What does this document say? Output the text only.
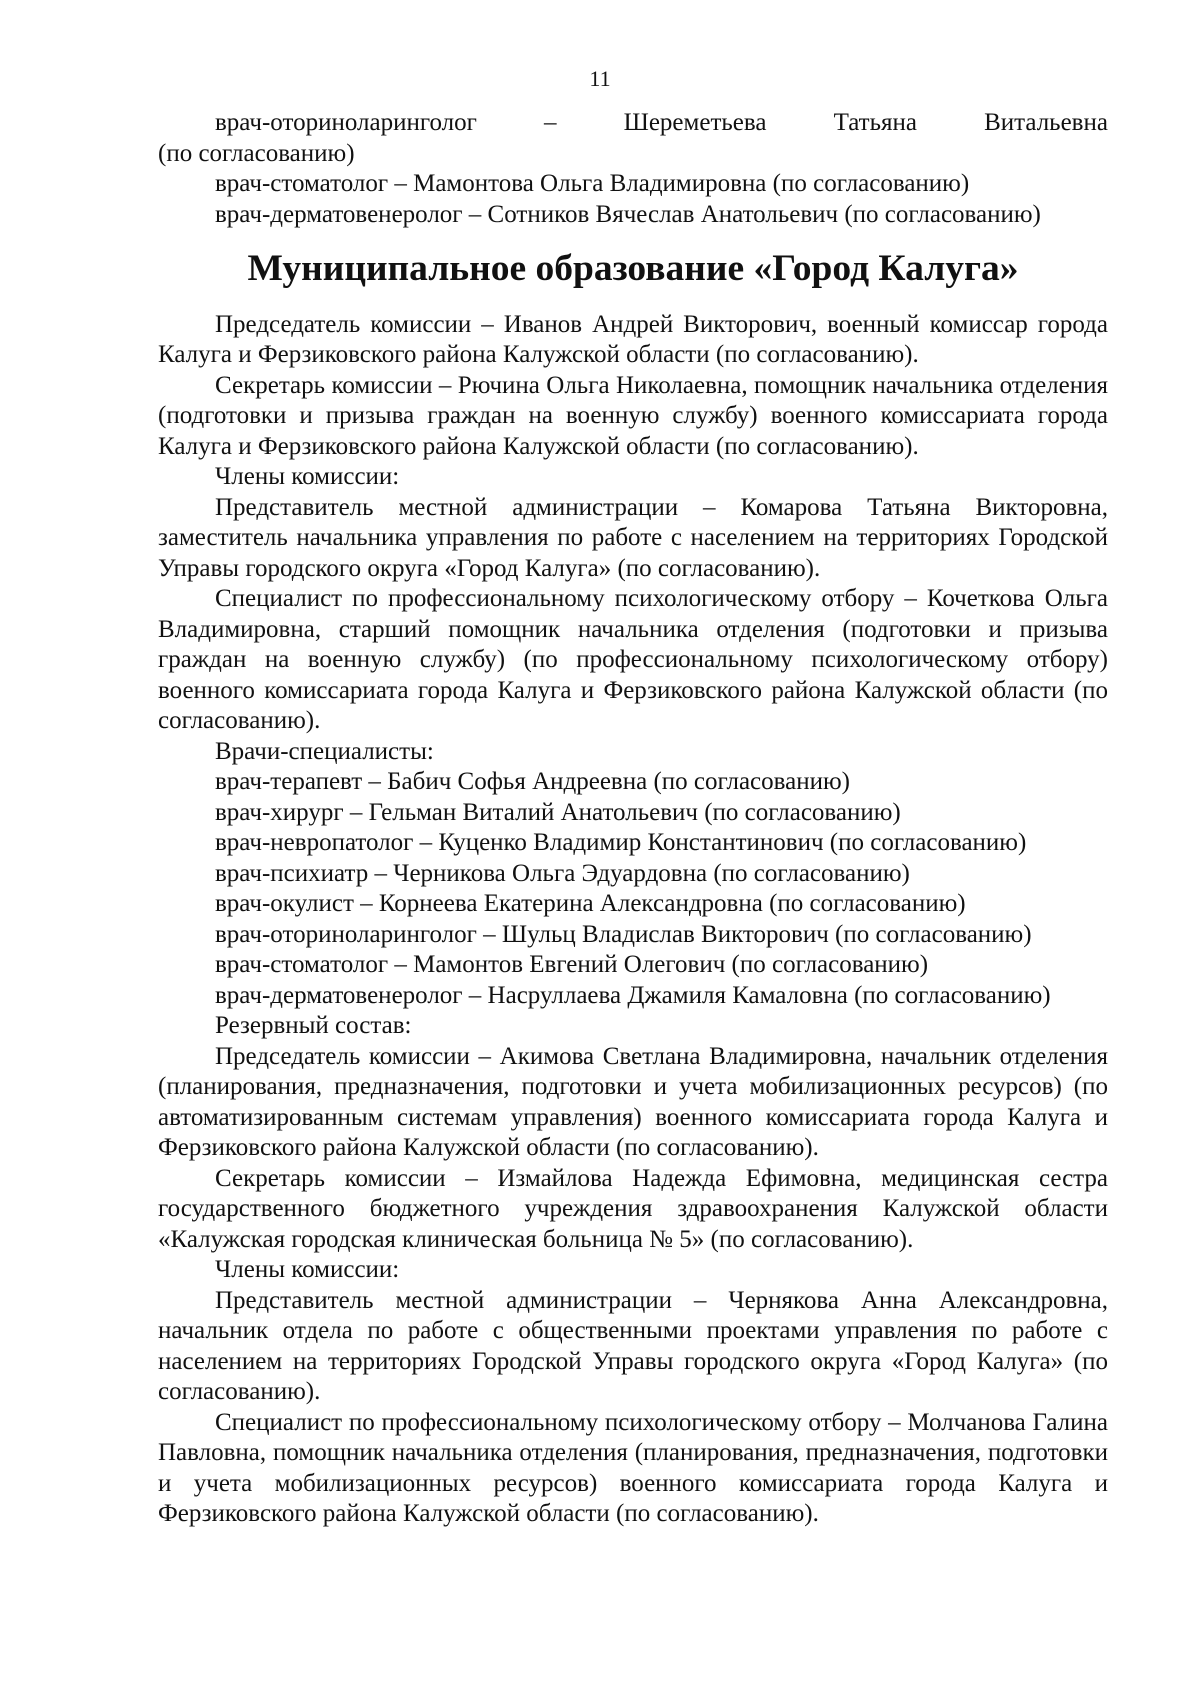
11
врач-оториноларинголог	–	Шереметьева	Татьяна	Витальевна

(по согласованию)

врач-стоматолог – Мамонтова Ольга Владимировна (по согласованию)

врач-дерматовенеролог – Сотников Вячеслав Анатольевич (по согласованию)

Муниципальное образование «Город Калуга»

Председатель комиссии – Иванов Андрей Викторович, военный комиссар города Калуга и Ферзиковского района Калужской области (по согласованию).

Секретарь комиссии – Рючина Ольга Николаевна, помощник начальника отделения (подготовки и призыва граждан на военную службу) военного комиссариата города Калуга и Ферзиковского района Калужской области (по согласованию).

Члены комиссии:

Представитель местной администрации – Комарова Татьяна Викторовна, заместитель начальника управления по работе с населением на территориях Городской Управы городского округа «Город Калуга» (по согласованию).

Специалист по профессиональному психологическому отбору – Кочеткова Ольга Владимировна, старший помощник начальника отделения (подготовки и призыва граждан на военную службу) (по профессиональному психологическому отбору) военного комиссариата города Калуга и Ферзиковского района Калужской области (по согласованию).

Врачи-специалисты:

врач-терапевт – Бабич Софья Андреевна (по согласованию)

врач-хирург – Гельман Виталий Анатольевич (по согласованию)

врач-невропатолог – Куценко Владимир Константинович (по согласованию)

врач-психиатр – Черникова Ольга Эдуардовна (по согласованию)

врач-окулист – Корнеева Екатерина Александровна (по согласованию)

врач-оториноларинголог – Шульц Владислав Викторович (по согласованию)

врач-стоматолог – Мамонтов Евгений Олегович (по согласованию)

врач-дерматовенеролог – Насруллаева Джамиля Камаловна (по согласованию)

Резервный состав:

Председатель комиссии – Акимова Светлана Владимировна, начальник отделения (планирования, предназначения, подготовки и учета мобилизационных ресурсов) (по автоматизированным системам управления) военного комиссариата города Калуга и Ферзиковского района Калужской области (по согласованию).

Секретарь комиссии – Измайлова Надежда Ефимовна, медицинская сестра государственного бюджетного учреждения здравоохранения Калужской области «Калужская городская клиническая больница № 5» (по согласованию).

Члены комиссии:

Представитель местной администрации – Чернякова Анна Александровна, начальник отдела по работе с общественными проектами управления по работе с населением на территориях Городской Управы городского округа «Город Калуга» (по согласованию).

Специалист по профессиональному психологическому отбору – Молчанова Галина Павловна, помощник начальника отделения (планирования, предназначения, подготовки и учета мобилизационных ресурсов) военного комиссариата города Калуга и Ферзиковского района Калужской области (по согласованию).
